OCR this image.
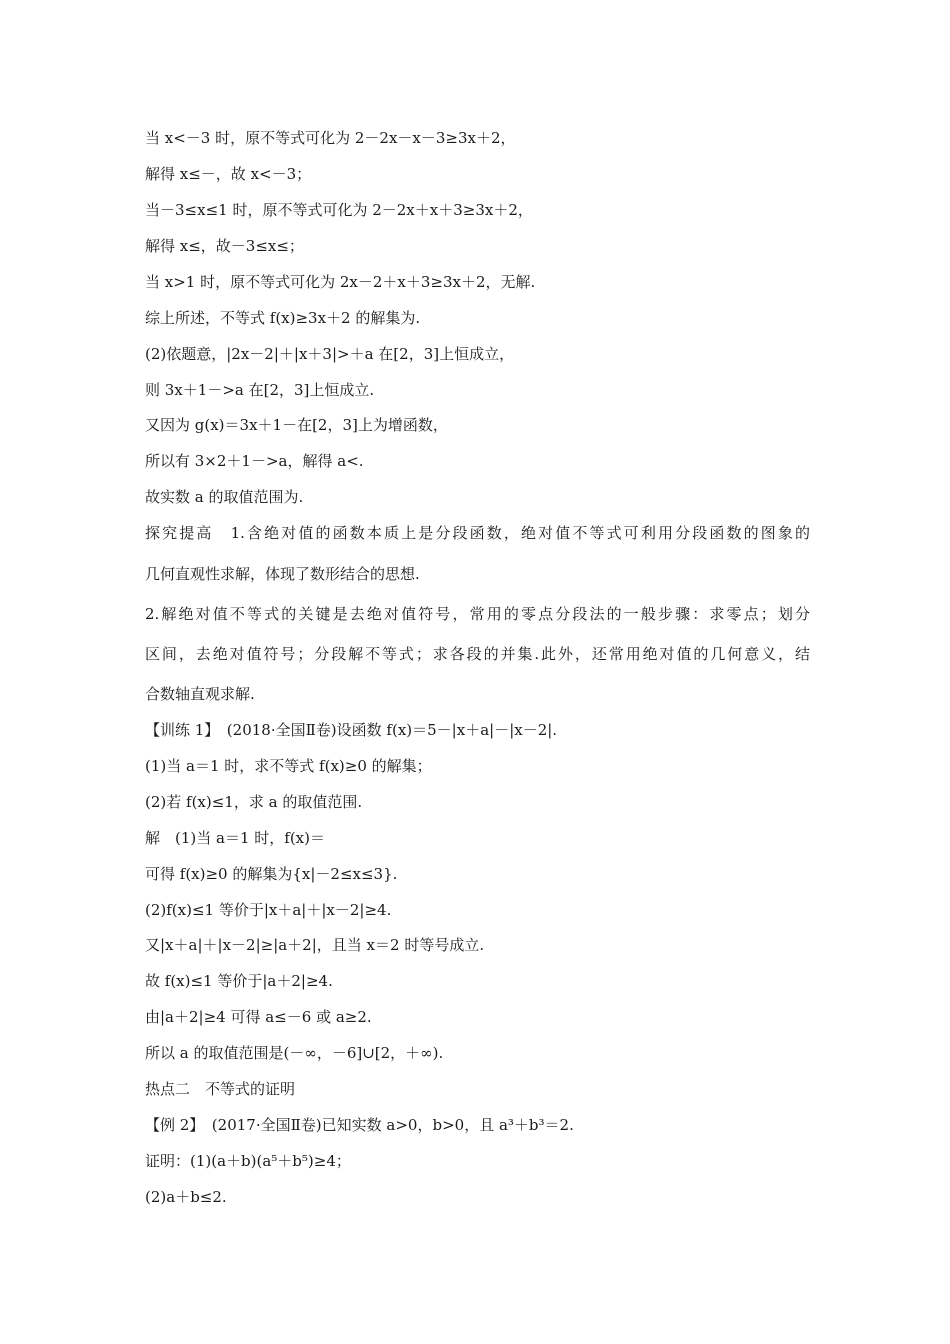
当 x<－3 时，原不等式可化为 2－2x－x－3≥3x＋2，
解得 x≤－，故 x<－3；
当－3≤x≤1 时，原不等式可化为 2－2x＋x＋3≥3x＋2，
解得 x≤，故－3≤x≤；
当 x>1 时，原不等式可化为 2x－2＋x＋3≥3x＋2，无解.
综上所述，不等式 f(x)≥3x＋2 的解集为.
(2)依题意，|2x－2|＋|x＋3|>＋a 在[2，3]上恒成立，
则 3x＋1－>a 在[2，3]上恒成立.
又因为 g(x)＝3x＋1－在[2，3]上为增函数，
所以有 3×2＋1－>a，解得 a<.
故实数 a 的取值范围为.
探究提高　1.含绝对值的函数本质上是分段函数，绝对值不等式可利用分段函数的图象的
几何直观性求解，体现了数形结合的思想.
2.解绝对值不等式的关键是去绝对值符号，常用的零点分段法的一般步骤：求零点；划分
区间，去绝对值符号；分段解不等式；求各段的并集.此外，还常用绝对值的几何意义，结
合数轴直观求解.
【训练 1】　(2018·全国Ⅱ卷)设函数 f(x)＝5－|x＋a|－|x－2|.
(1)当 a＝1 时，求不等式 f(x)≥0 的解集；
(2)若 f(x)≤1，求 a 的取值范围.
解　(1)当 a＝1 时，f(x)＝
可得 f(x)≥0 的解集为{x|－2≤x≤3}.
(2)f(x)≤1 等价于|x＋a|＋|x－2|≥4.
又|x＋a|＋|x－2|≥|a＋2|，且当 x＝2 时等号成立.
故 f(x)≤1 等价于|a＋2|≥4.
由|a＋2|≥4 可得 a≤－6 或 a≥2.
所以 a 的取值范围是(－∞，－6]∪[2，＋∞).
热点二　不等式的证明
【例 2】　(2017·全国Ⅱ卷)已知实数 a>0，b>0，且 a³＋b³＝2.
证明：(1)(a＋b)(a⁵＋b⁵)≥4；
(2)a＋b≤2.
